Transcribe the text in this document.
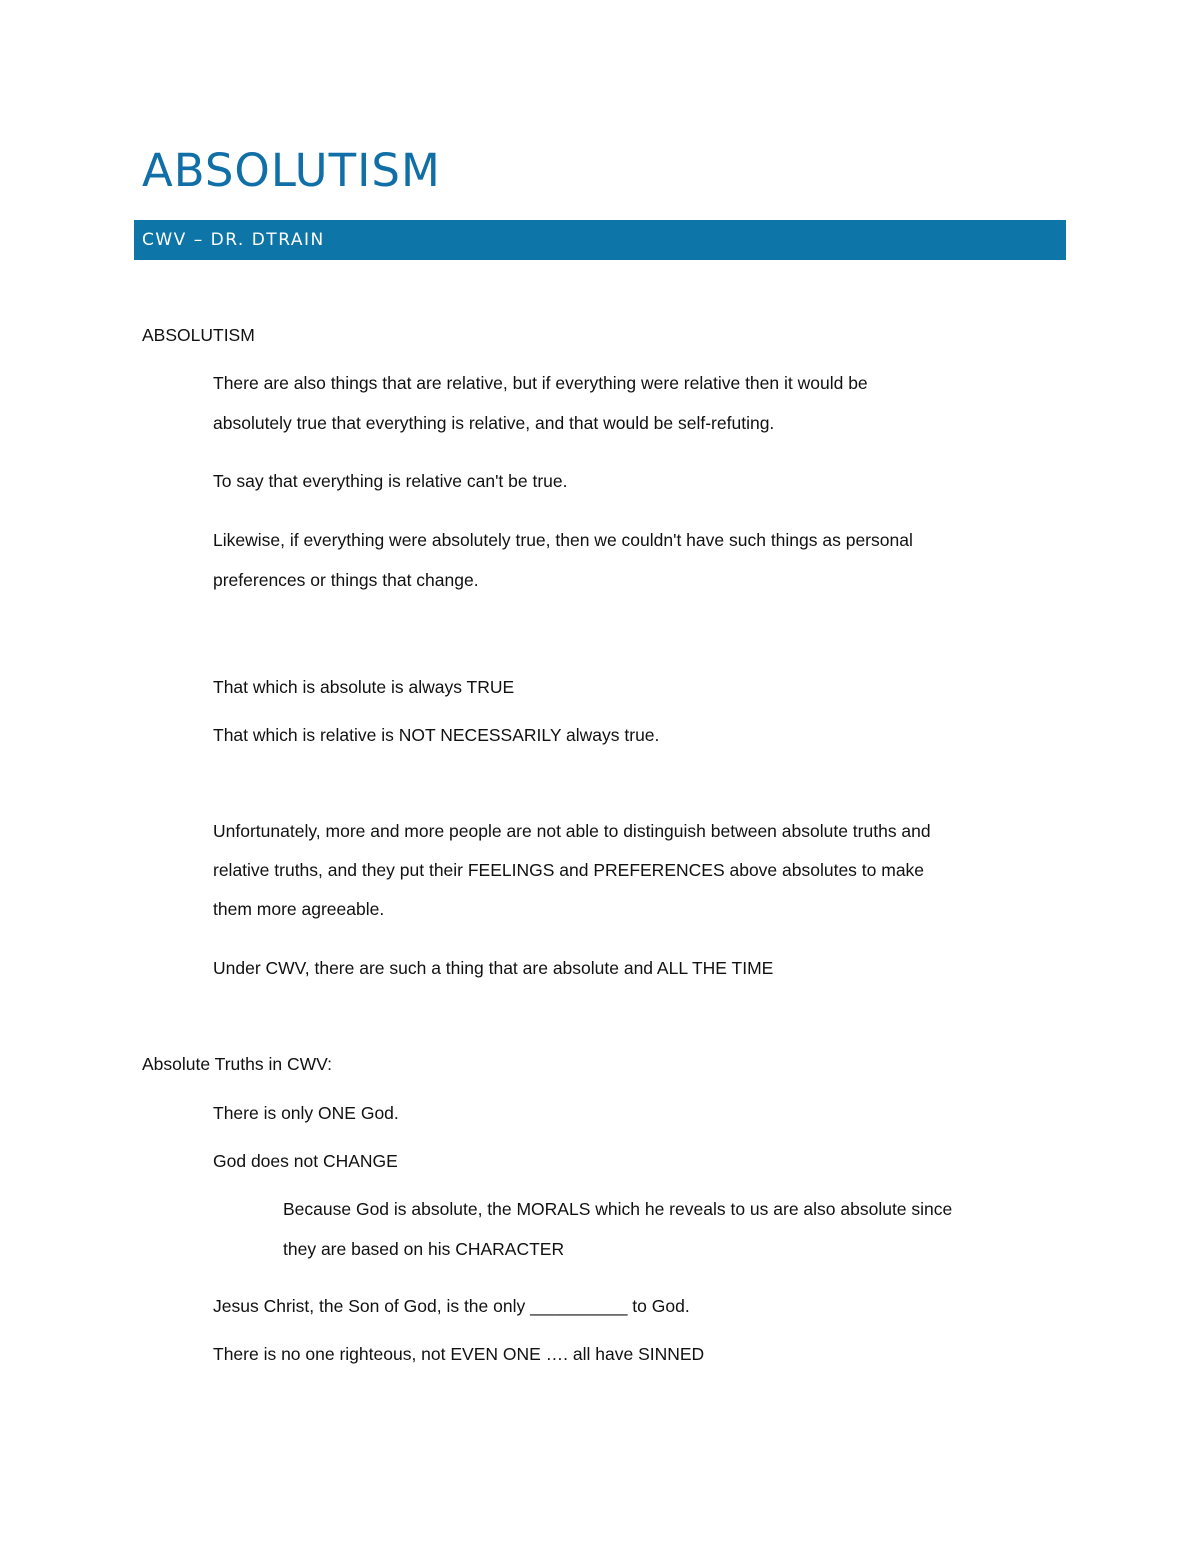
ABSOLUTISM
CWV – DR. DTRAIN

ABSOLUTISM

There are also things that are relative, but if everything were relative then it would be

absolutely true that everything is relative, and that would be self-refuting.

To say that everything is relative can't be true.

Likewise, if everything were absolutely true, then we couldn't have such things as personal

preferences or things that change.

That which is absolute is always TRUE

That which is relative is NOT NECESSARILY always true.

Unfortunately, more and more people are not able to distinguish between absolute truths and

relative truths, and they put their FEELINGS and PREFERENCES above absolutes to make

them more agreeable.

Under CWV, there are such a thing that are absolute and ALL THE TIME

Absolute Truths in CWV:

There is only ONE God.

God does not CHANGE

Because God is absolute, the MORALS which he reveals to us are also absolute since

they are based on his CHARACTER

Jesus Christ, the Son of God, is the only __________ to God.

There is no one righteous, not EVEN ONE …. all have SINNED
